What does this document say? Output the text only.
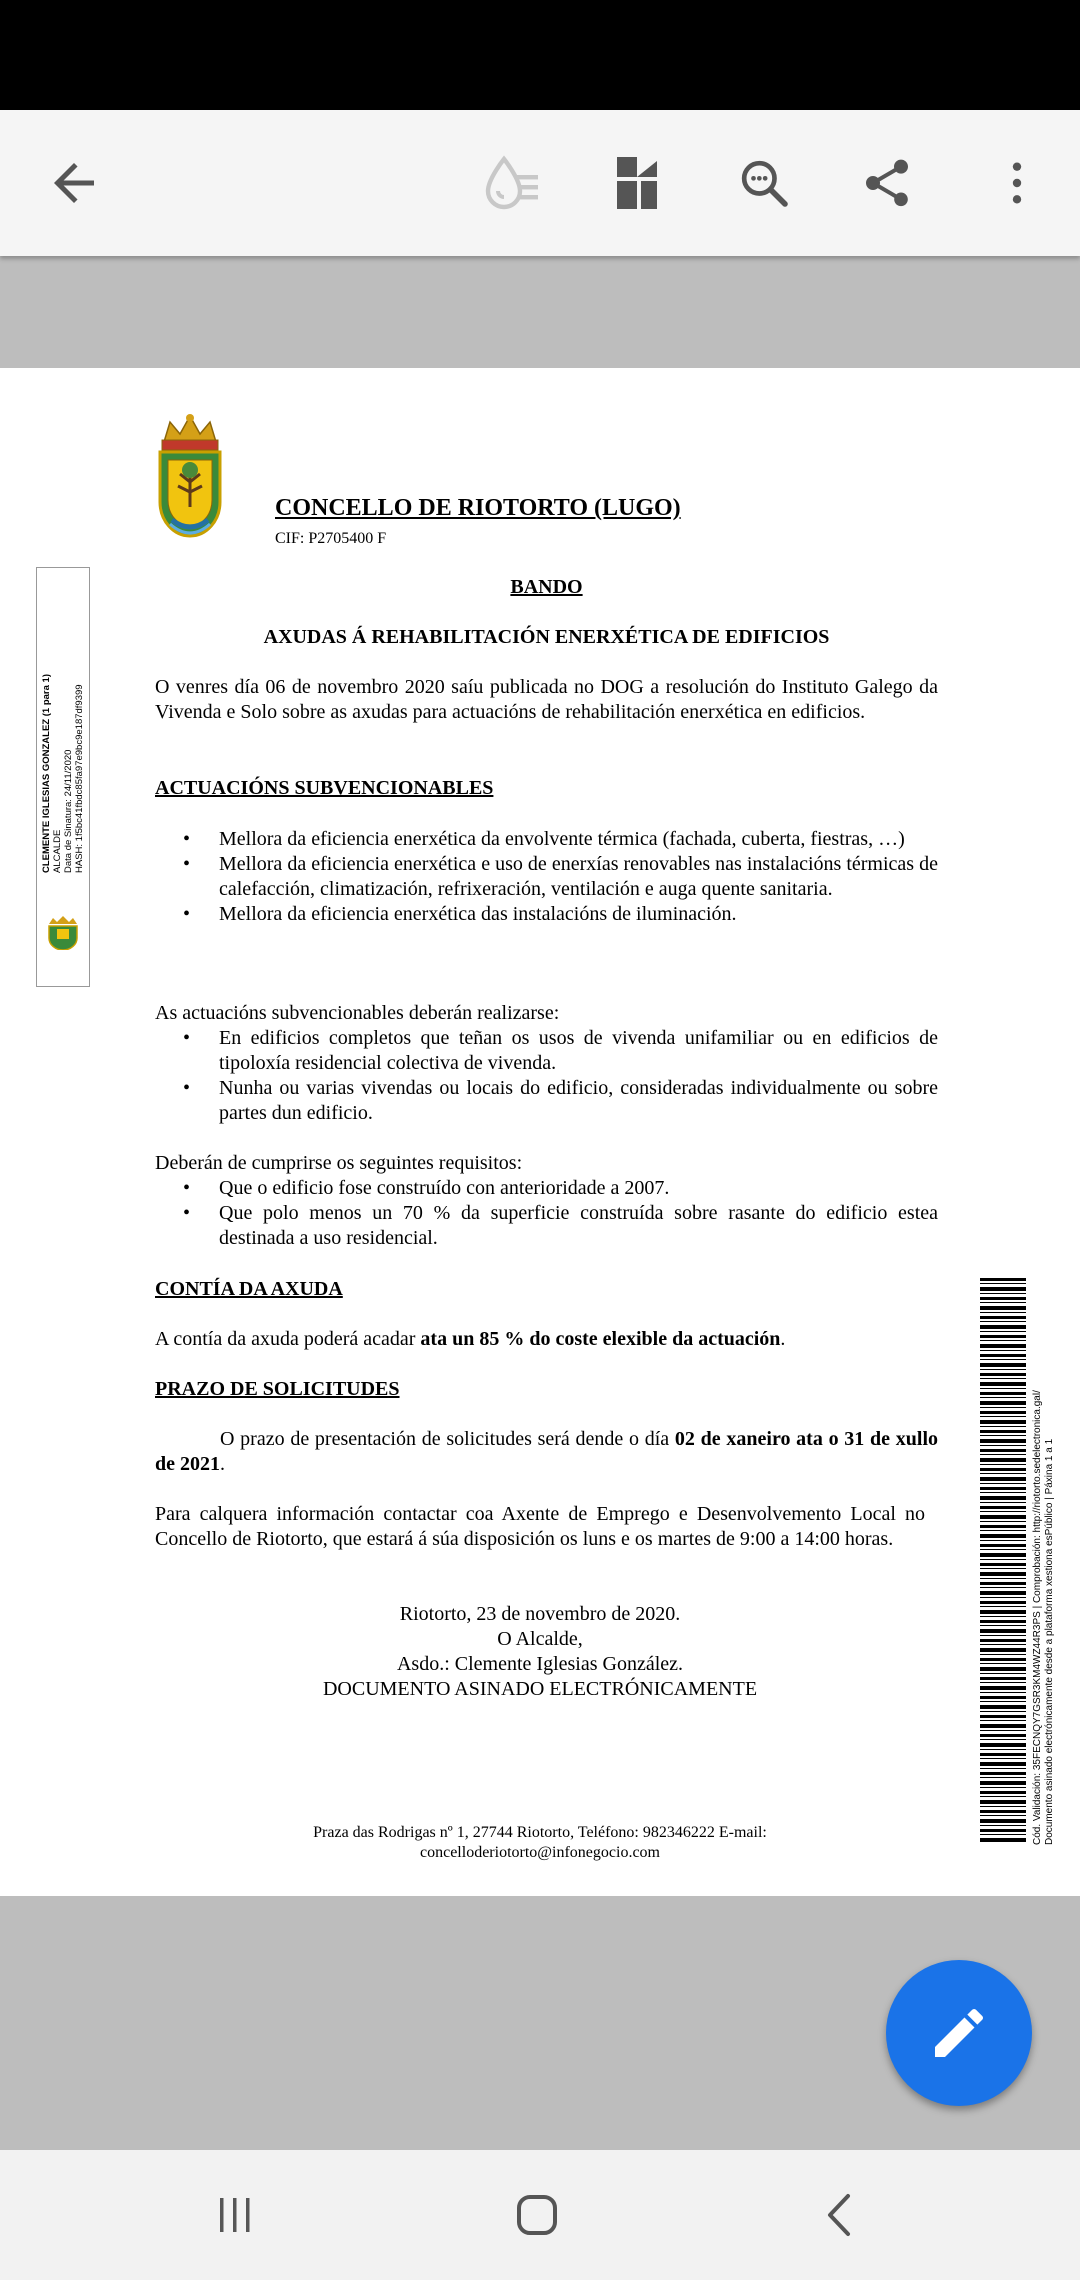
CONCELLO DE RIOTORTO (LUGO)
CIF: P2705400 F
CLEMENTE IGLESIAS GONZALEZ (1 para 1) ALCALDE Data de Sinatura: 24/11/2020 HASH: 1f5bc41fbdc85fa97e9bc9e187df9399
BANDO
AXUDAS Á REHABILITACIÓN ENERXÉTICA DE EDIFICIOS
O venres día 06 de novembro 2020 saíu publicada no DOG a resolución do Instituto Galego da Vivenda e Solo sobre as axudas para actuacións de rehabilitación enerxética en edificios.
ACTUACIÓNS SUBVENCIONABLES
• Mellora da eficiencia enerxética da envolvente térmica (fachada, cuberta, fiestras, …)
• Mellora da eficiencia enerxética e uso de enerxías renovables nas instalacións térmicas de calefacción, climatización, refrixeración, ventilación e auga quente sanitaria.
• Mellora da eficiencia enerxética das instalacións de iluminación.
As actuacións subvencionables deberán realizarse:
• En edificios completos que teñan os usos de vivenda unifamiliar ou en edificios de tipoloxía residencial colectiva de vivenda.
• Nunha ou varias vivendas ou locais do edificio, consideradas individualmente ou sobre partes dun edificio.
Deberán de cumprirse os seguintes requisitos:
• Que o edificio fose construído con anterioridade a 2007.
• Que polo menos un 70 % da superficie construída sobre rasante do edificio estea destinada a uso residencial.
CONTÍA DA AXUDA
A contía da axuda poderá acadar ata un 85 % do coste elexible da actuación.
PRAZO DE SOLICITUDES
O prazo de presentación de solicitudes será dende o día 02 de xaneiro ata o 31 de xullo de 2021.
Para calquera información contactar coa Axente de Emprego e Desenvolvemento Local no Concello de Riotorto, que estará á súa disposición os luns e os martes de 9:00 a 14:00 horas.
Riotorto, 23 de novembro de 2020.
O Alcalde,
Asdo.: Clemente Iglesias González.
DOCUMENTO ASINADO ELECTRÓNICAMENTE
Praza das Rodrigas nº 1, 27744 Riotorto, Teléfono: 982346222 E-mail:
concelloderiotorto@infonegocio.com
Cód. Validación: 35FECNQY7GSR3KM4WZ44R3PS | Comprobación: http://riotorto.sedelectronica.gal/ Documento asinado electrónicamente desde a plataforma xestiona esPúblico | Páxina 1 a 1
